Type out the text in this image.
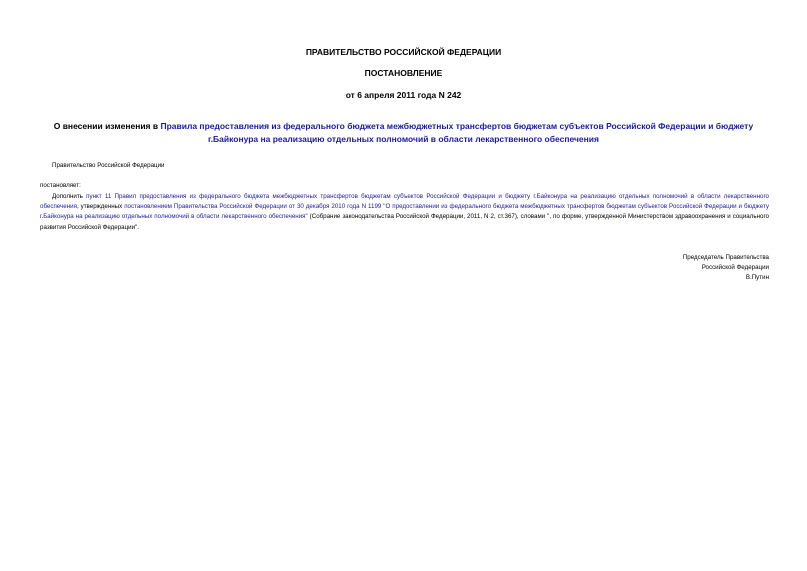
ПРАВИТЕЛЬСТВО РОССИЙСКОЙ ФЕДЕРАЦИИ
ПОСТАНОВЛЕНИЕ
от 6 апреля 2011 года N 242
О внесении изменения в Правила предоставления из федерального бюджета межбюджетных трансфертов бюджетам субъектов Российской Федерации и бюджету г.Байконура на реализацию отдельных полномочий в области лекарственного обеспечения
Правительство Российской Федерации
постановляет:
Дополнить пункт 11 Правил предоставления из федерального бюджета межбюджетных трансфертов бюджетам субъектов Российской Федерации и бюджету г.Байконура на реализацию отдельных полномочий в области лекарственного обеспечения, утвержденных постановлением Правительства Российской Федерации от 30 декабря 2010 года N 1199 "О предоставлении из федерального бюджета межбюджетных трансфертов бюджетам субъектов Российской Федерации и бюджету г.Байконура на реализацию отдельных полномочий в области лекарственного обеспечения" (Собрание законодательства Российской Федерации, 2011, N 2, ст.367), словами ", по форме, утвержденной Министерством здравоохранения и социального развития Российской Федерации".
Председатель Правительства
Российской Федерации
В.Путин
